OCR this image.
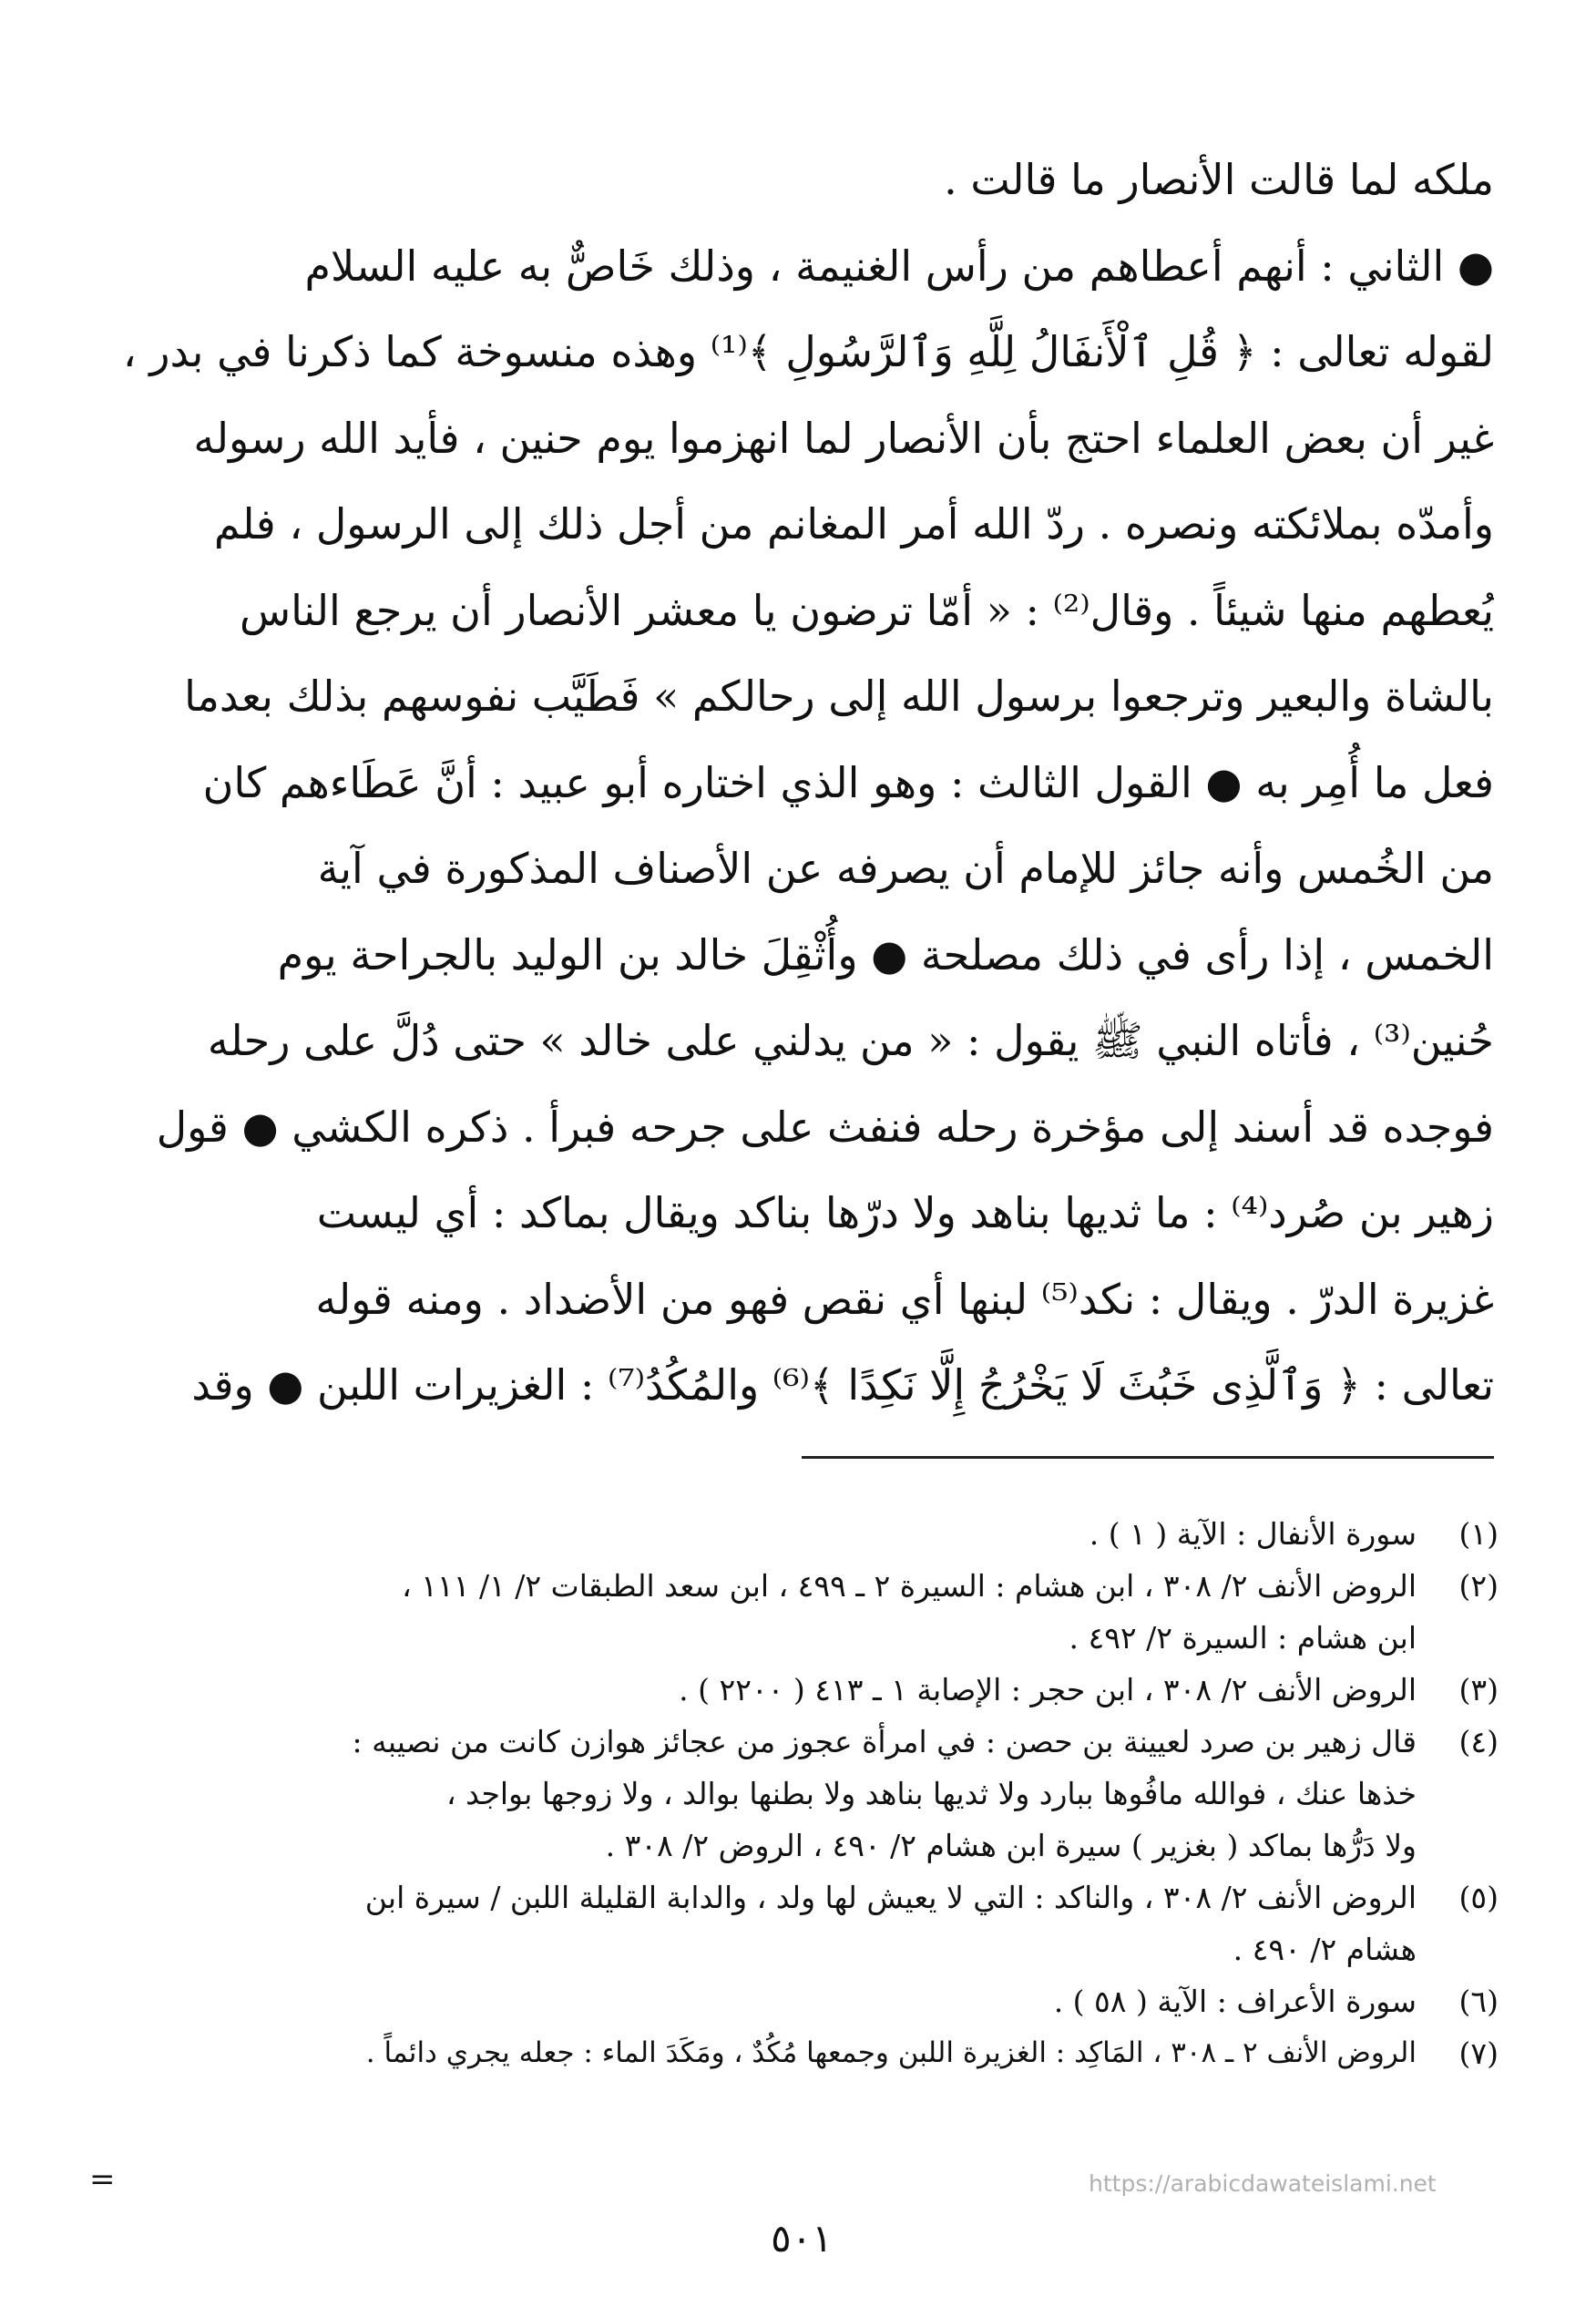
ملكه لما قالت الأنصار ما قالت .
● الثاني : أنهم أعطاهم من رأس الغنيمة ، وذلك خَاصٌّ به عليه السلام
لقوله تعالى : ﴿ قُلِ ٱلْأَنفَالُ لِلَّهِ وَٱلرَّسُولِ ﴾⁽¹⁾ وهذه منسوخة كما ذكرنا في بدر ،
غير أن بعض العلماء احتج بأن الأنصار لما انهزموا يوم حنين ، فأيد الله رسوله
وأمدّه بملائكته ونصره . ردّ الله أمر المغانم من أجل ذلك إلى الرسول ، فلم
يُعطهم منها شيئاً . وقال⁽²⁾ : « أمّا ترضون يا معشر الأنصار أن يرجع الناس
بالشاة والبعير وترجعوا برسول الله إلى رحالكم » فَطَيَّب نفوسهم بذلك بعدما
فعل ما أُمِر به ● القول الثالث : وهو الذي اختاره أبو عبيد : أنَّ عَطَاءهم كان
من الخُمس وأنه جائز للإمام أن يصرفه عن الأصناف المذكورة في آية
الخمس ، إذا رأى في ذلك مصلحة ● وأُثْقِلَ خالد بن الوليد بالجراحة يوم
حُنين⁽³⁾ ، فأتاه النبي ﷺ يقول : « من يدلني على خالد » حتى دُلَّ على رحله
فوجده قد أسند إلى مؤخرة رحله فنفث على جرحه فبرأ . ذكره الكشي ● قول
زهير بن صُرد⁽⁴⁾ : ما ثديها بناهد ولا درّها بناكد ويقال بماكد : أي ليست
غزيرة الدرّ . ويقال : نكد⁽⁵⁾ لبنها أي نقص فهو من الأضداد . ومنه قوله
تعالى : ﴿ وَٱلَّذِى خَبُثَ لَا يَخْرُجُ إِلَّا نَكِدًا ﴾⁽⁶⁾ والمُكُدُ⁽⁷⁾ : الغزيرات اللبن ● وقد
(١)
سورة الأنفال : الآية ( ١ ) .
(٢)
الروض الأنف ٢/ ٣٠٨ ، ابن هشام : السيرة ٢ ـ ٤٩٩ ، ابن سعد الطبقات ٢/ ١/ ١١١ ،
ابن هشام : السيرة ٢/ ٤٩٢ .
(٣)
الروض الأنف ٢/ ٣٠٨ ، ابن حجر : الإصابة ١ ـ ٤١٣ ( ٢٢٠٠ ) .
(٤)
قال زهير بن صرد لعيينة بن حصن : في امرأة عجوز من عجائز هوازن كانت من نصيبه :
خذها عنك ، فوالله مافُوها ببارد ولا ثديها بناهد ولا بطنها بوالد ، ولا زوجها بواجد ،
ولا دَرُّها بماكد ( بغزير ) سيرة ابن هشام ٢/ ٤٩٠ ، الروض ٢/ ٣٠٨ .
(٥)
الروض الأنف ٢/ ٣٠٨ ، والناكد : التي لا يعيش لها ولد ، والدابة القليلة اللبن / سيرة ابن
هشام ٢/ ٤٩٠ .
(٦)
سورة الأعراف : الآية ( ٥٨ ) .
(٧)
الروض الأنف ٢ ـ ٣٠٨ ، المَاكِد : الغزيرة اللبن وجمعها مُكُدٌ ، ومَكَدَ الماء : جعله يجري دائماً .
=	https://arabicdawateislami.net
٥٠١
